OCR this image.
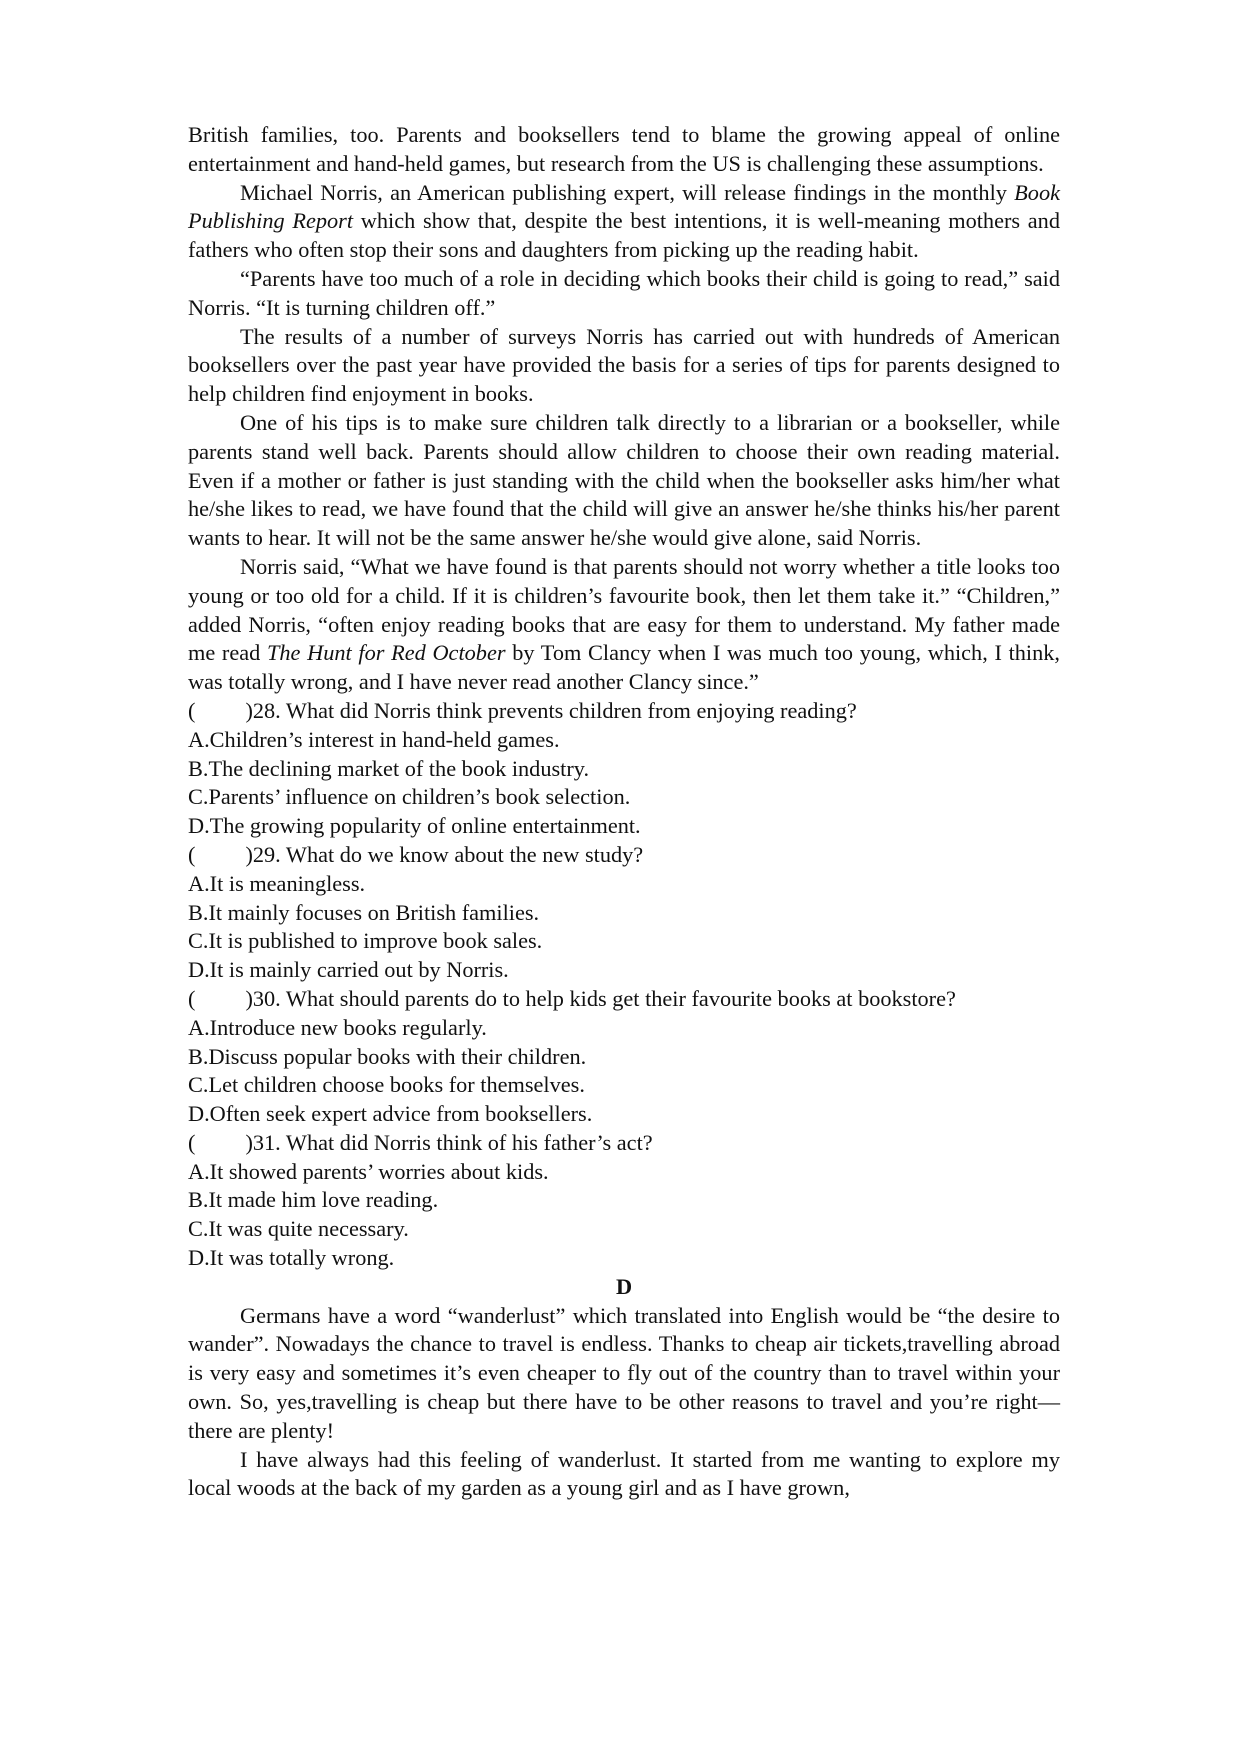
British families, too. Parents and booksellers tend to blame the growing appeal of online entertainment and hand-held games, but research from the US is challenging these assumptions.

Michael Norris, an American publishing expert, will release findings in the monthly Book Publishing Report which show that, despite the best intentions, it is well-meaning mothers and fathers who often stop their sons and daughters from picking up the reading habit.

“Parents have too much of a role in deciding which books their child is going to read,” said Norris. “It is turning children off.”

The results of a number of surveys Norris has carried out with hundreds of American booksellers over the past year have provided the basis for a series of tips for parents designed to help children find enjoyment in books.

One of his tips is to make sure children talk directly to a librarian or a bookseller, while parents stand well back. Parents should allow children to choose their own reading material. Even if a mother or father is just standing with the child when the bookseller asks him/her what he/she likes to read, we have found that the child will give an answer he/she thinks his/her parent wants to hear. It will not be the same answer he/she would give alone, said Norris.

Norris said, “What we have found is that parents should not worry whether a title looks too young or too old for a child. If it is children’s favourite book, then let them take it.” “Children,” added Norris, “often enjoy reading books that are easy for them to understand. My father made me read The Hunt for Red October by Tom Clancy when I was much too young, which, I think, was totally wrong, and I have never read another Clancy since.”

( )28. What did Norris think prevents children from enjoying reading?

A.Children’s interest in hand-held games.

B.The declining market of the book industry.

C.Parents’ influence on children’s book selection.

D.The growing popularity of online entertainment.

( )29. What do we know about the new study?

A.It is meaningless.

B.It mainly focuses on British families.

C.It is published to improve book sales.

D.It is mainly carried out by Norris.

( )30. What should parents do to help kids get their favourite books at bookstore?

A.Introduce new books regularly.

B.Discuss popular books with their children.

C.Let children choose books for themselves.

D.Often seek expert advice from booksellers.

( )31. What did Norris think of his father’s act?

A.It showed parents’ worries about kids.

B.It made him love reading.

C.It was quite necessary.

D.It was totally wrong.

D

Germans have a word “wanderlust” which translated into English would be “the desire to wander”. Nowadays the chance to travel is endless. Thanks to cheap air tickets,travelling abroad is very easy and sometimes it’s even cheaper to fly out of the country than to travel within your own. So, yes,travelling is cheap but there have to be other reasons to travel and you’re right—there are plenty!

I have always had this feeling of wanderlust. It started from me wanting to explore my local woods at the back of my garden as a young girl and as I have grown,
